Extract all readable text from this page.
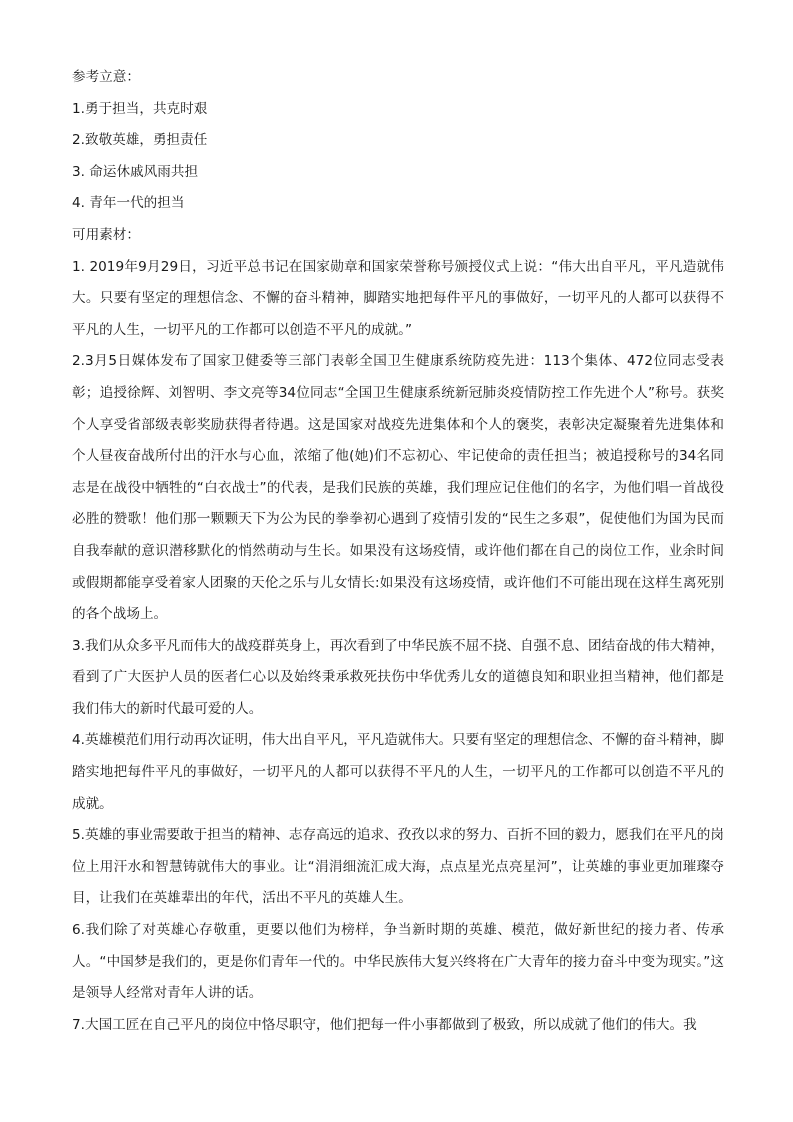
参考立意：

1.勇于担当，共克时艰

2.致敬英雄，勇担责任

3. 命运休戚风雨共担

4. 青年一代的担当

可用素材：

1. 2019年9月29日，习近平总书记在国家勋章和国家荣誉称号颁授仪式上说：“伟大出自平凡，平凡造就伟大。只要有坚定的理想信念、不懈的奋斗精神，脚踏实地把每件平凡的事做好，一切平凡的人都可以获得不平凡的人生，一切平凡的工作都可以创造不平凡的成就。”

2.3月5日媒体发布了国家卫健委等三部门表彰全国卫生健康系统防疫先进：113个集体、472位同志受表彰；追授徐辉、刘智明、李文亮等34位同志“全国卫生健康系统新冠肺炎疫情防控工作先进个人”称号。获奖个人享受省部级表彰奖励获得者待遇。这是国家对战疫先进集体和个人的褒奖，表彰决定凝聚着先进集体和个人昼夜奋战所付出的汗水与心血，浓缩了他(她)们不忘初心、牢记使命的责任担当；被追授称号的34名同志是在战役中牺牲的“白衣战士”的代表，是我们民族的英雄，我们理应记住他们的名字，为他们唱一首战役必胜的赞歌！他们那一颗颗天下为公为民的拳拳初心遇到了疫情引发的“民生之多艰”，促使他们为国为民而自我奉献的意识潜移默化的悄然萌动与生长。如果没有这场疫情，或许他们都在自己的岗位工作，业余时间或假期都能享受着家人团聚的天伦之乐与儿女情长:如果没有这场疫情，或许他们不可能出现在这样生离死别的各个战场上。

3.我们从众多平凡而伟大的战疫群英身上，再次看到了中华民族不屈不挠、自强不息、团结奋战的伟大精神，看到了广大医护人员的医者仁心以及始终秉承救死扶伤中华优秀儿女的道德良知和职业担当精神，他们都是我们伟大的新时代最可爱的人。

4.英雄模范们用行动再次证明，伟大出自平凡，平凡造就伟大。只要有坚定的理想信念、不懈的奋斗精神，脚踏实地把每件平凡的事做好，一切平凡的人都可以获得不平凡的人生，一切平凡的工作都可以创造不平凡的成就。

5.英雄的事业需要敢于担当的精神、志存高远的追求、孜孜以求的努力、百折不回的毅力，愿我们在平凡的岗位上用汗水和智慧铸就伟大的事业。让“涓涓细流汇成大海，点点星光点亮星河”，让英雄的事业更加璀璨夺目，让我们在英雄辈出的年代，活出不平凡的英雄人生。

6.我们除了对英雄心存敬重，更要以他们为榜样，争当新时期的英雄、模范，做好新世纪的接力者、传承人。“中国梦是我们的，更是你们青年一代的。中华民族伟大复兴终将在广大青年的接力奋斗中变为现实。”这是领导人经常对青年人讲的话。

7.大国工匠在自己平凡的岗位中恪尽职守，他们把每一件小事都做到了极致，所以成就了他们的伟大。我
